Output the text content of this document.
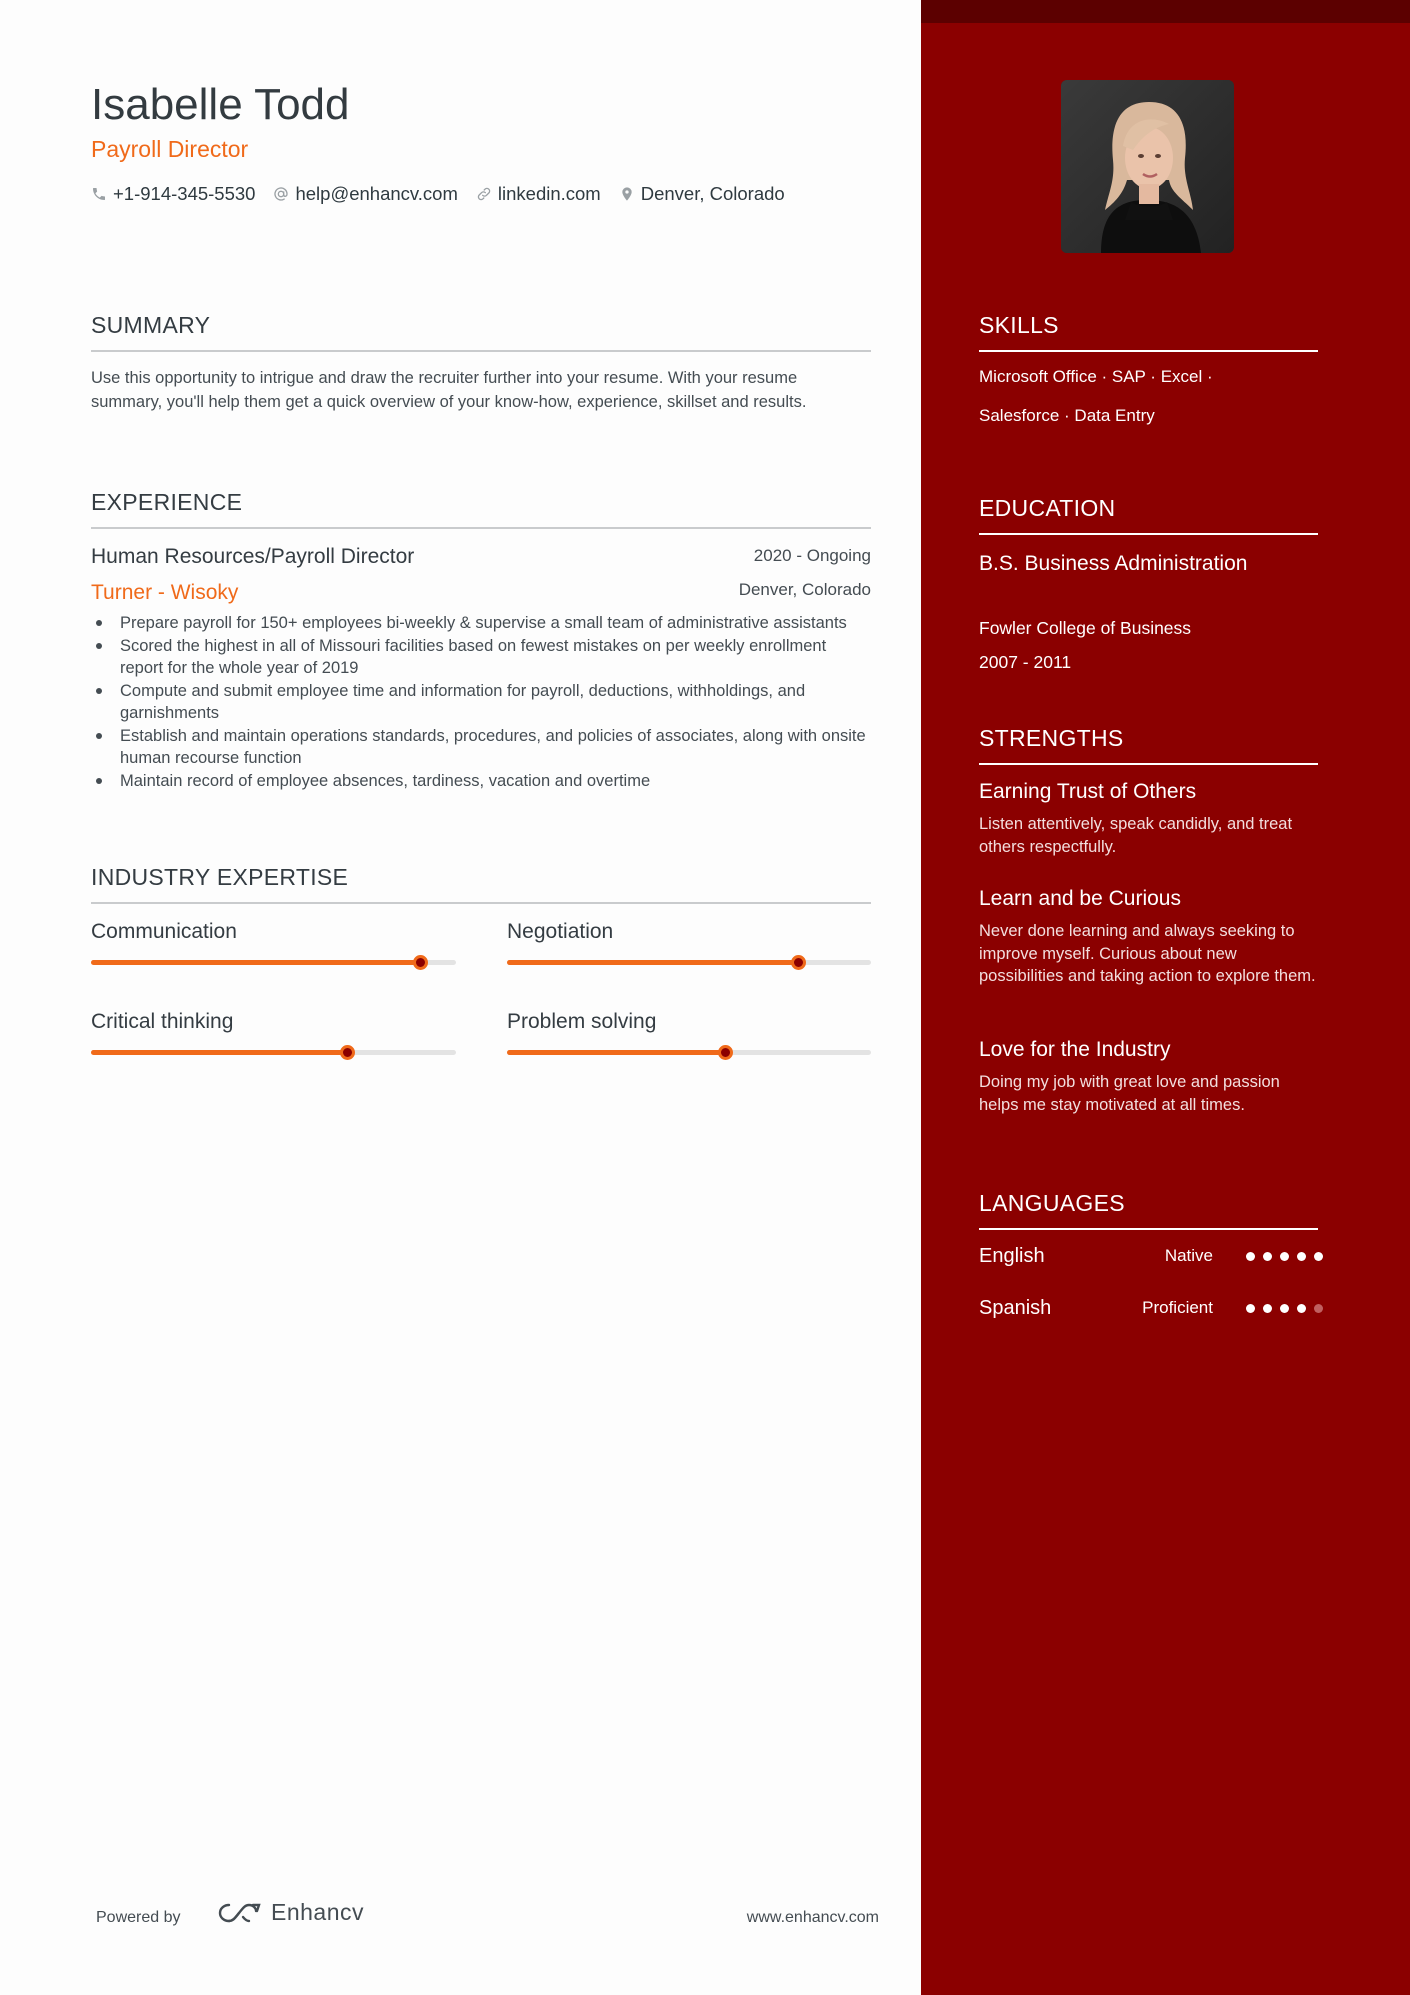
Isabelle Todd
Payroll Director
+1-914-345-5530 help@enhancv.com linkedin.com Denver, Colorado
SUMMARY
Use this opportunity to intrigue and draw the recruiter further into your resume. With your resume summary, you'll help them get a quick overview of your know-how, experience, skillset and results.
EXPERIENCE
Human Resources/Payroll Director	2020 - Ongoing
Turner - Wisoky	Denver, Colorado
Prepare payroll for 150+ employees bi-weekly & supervise a small team of administrative assistants
Scored the highest in all of Missouri facilities based on fewest mistakes on per weekly enrollment report for the whole year of 2019
Compute and submit employee time and information for payroll, deductions, withholdings, and garnishments
Establish and maintain operations standards, procedures, and policies of associates, along with onsite human recourse function
Maintain record of employee absences, tardiness, vacation and overtime
INDUSTRY EXPERTISE
Communication	Negotiation
Critical thinking	Problem solving
Powered by	Enhancv	www.enhancv.com
SKILLS
Microsoft Office · SAP · Excel ·
Salesforce · Data Entry
EDUCATION
B.S. Business Administration
Fowler College of Business
2007 - 2011
STRENGTHS
Earning Trust of Others
Listen attentively, speak candidly, and treat others respectfully.
Learn and be Curious
Never done learning and always seeking to improve myself. Curious about new possibilities and taking action to explore them.
Love for the Industry
Doing my job with great love and passion helps me stay motivated at all times.
LANGUAGES
English	Native
Spanish	Proficient
